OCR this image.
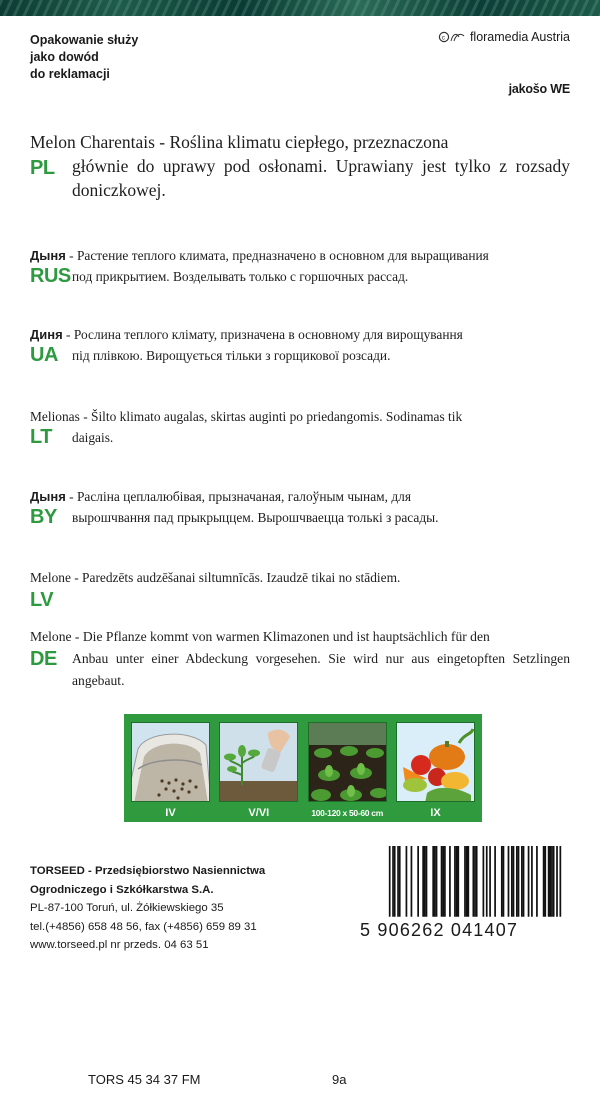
Opakowanie służy
jako dowód
do reklamacji
c floramedia Austria
jakošo WE
PL
Melon Charentais - Roślina klimatu ciepłego, przeznaczona
głównie do uprawy pod osłonami. Uprawiany jest tylko z rozsady doniczkowej.
RUS
Дыня - Растение теплого климата, предназначено в основном для выращивания
под прикрытием. Возделывать только с горшочных рассад.
UA
Диня - Рослина теплого клімату, призначена в основному для вирощування
під плівкою. Вирощується тільки з горщикової розсади.
LT
Melionas - Šilto klimato augalas, skirtas auginti po priedangomis. Sodinamas tik
daigais.
BY
Дыня - Расліна цеплалюбівая, прызначаная, галоўным чынам, для
вырошчвання пад прыкрыццем. Вырошчваецца толькі з расады.
LV
Melone - Paredzēts audzēšanai siltumnīcās. Izaudzē tikai no stādiem.
DE
Melone - Die Pflanze kommt von warmen Klimazonen und ist hauptsächlich für den
Anbau unter einer Abdeckung vorgesehen. Sie wird nur aus eingetopften Setzlingen angebaut.
IV	V/VI	100-120 x 50-60 cm	IX
TORSEED - Przedsiębiorstwo Nasiennictwa
Ogrodniczego i Szkółkarstwa S.A.
PL-87-100 Toruń, ul. Żółkiewskiego 35
tel.(+4856) 658 48 56, fax (+4856) 659 89 31
www.torseed.pl nr przeds. 04 63 51
5 906262 041407
TORS 45 34 37 FM	9a
